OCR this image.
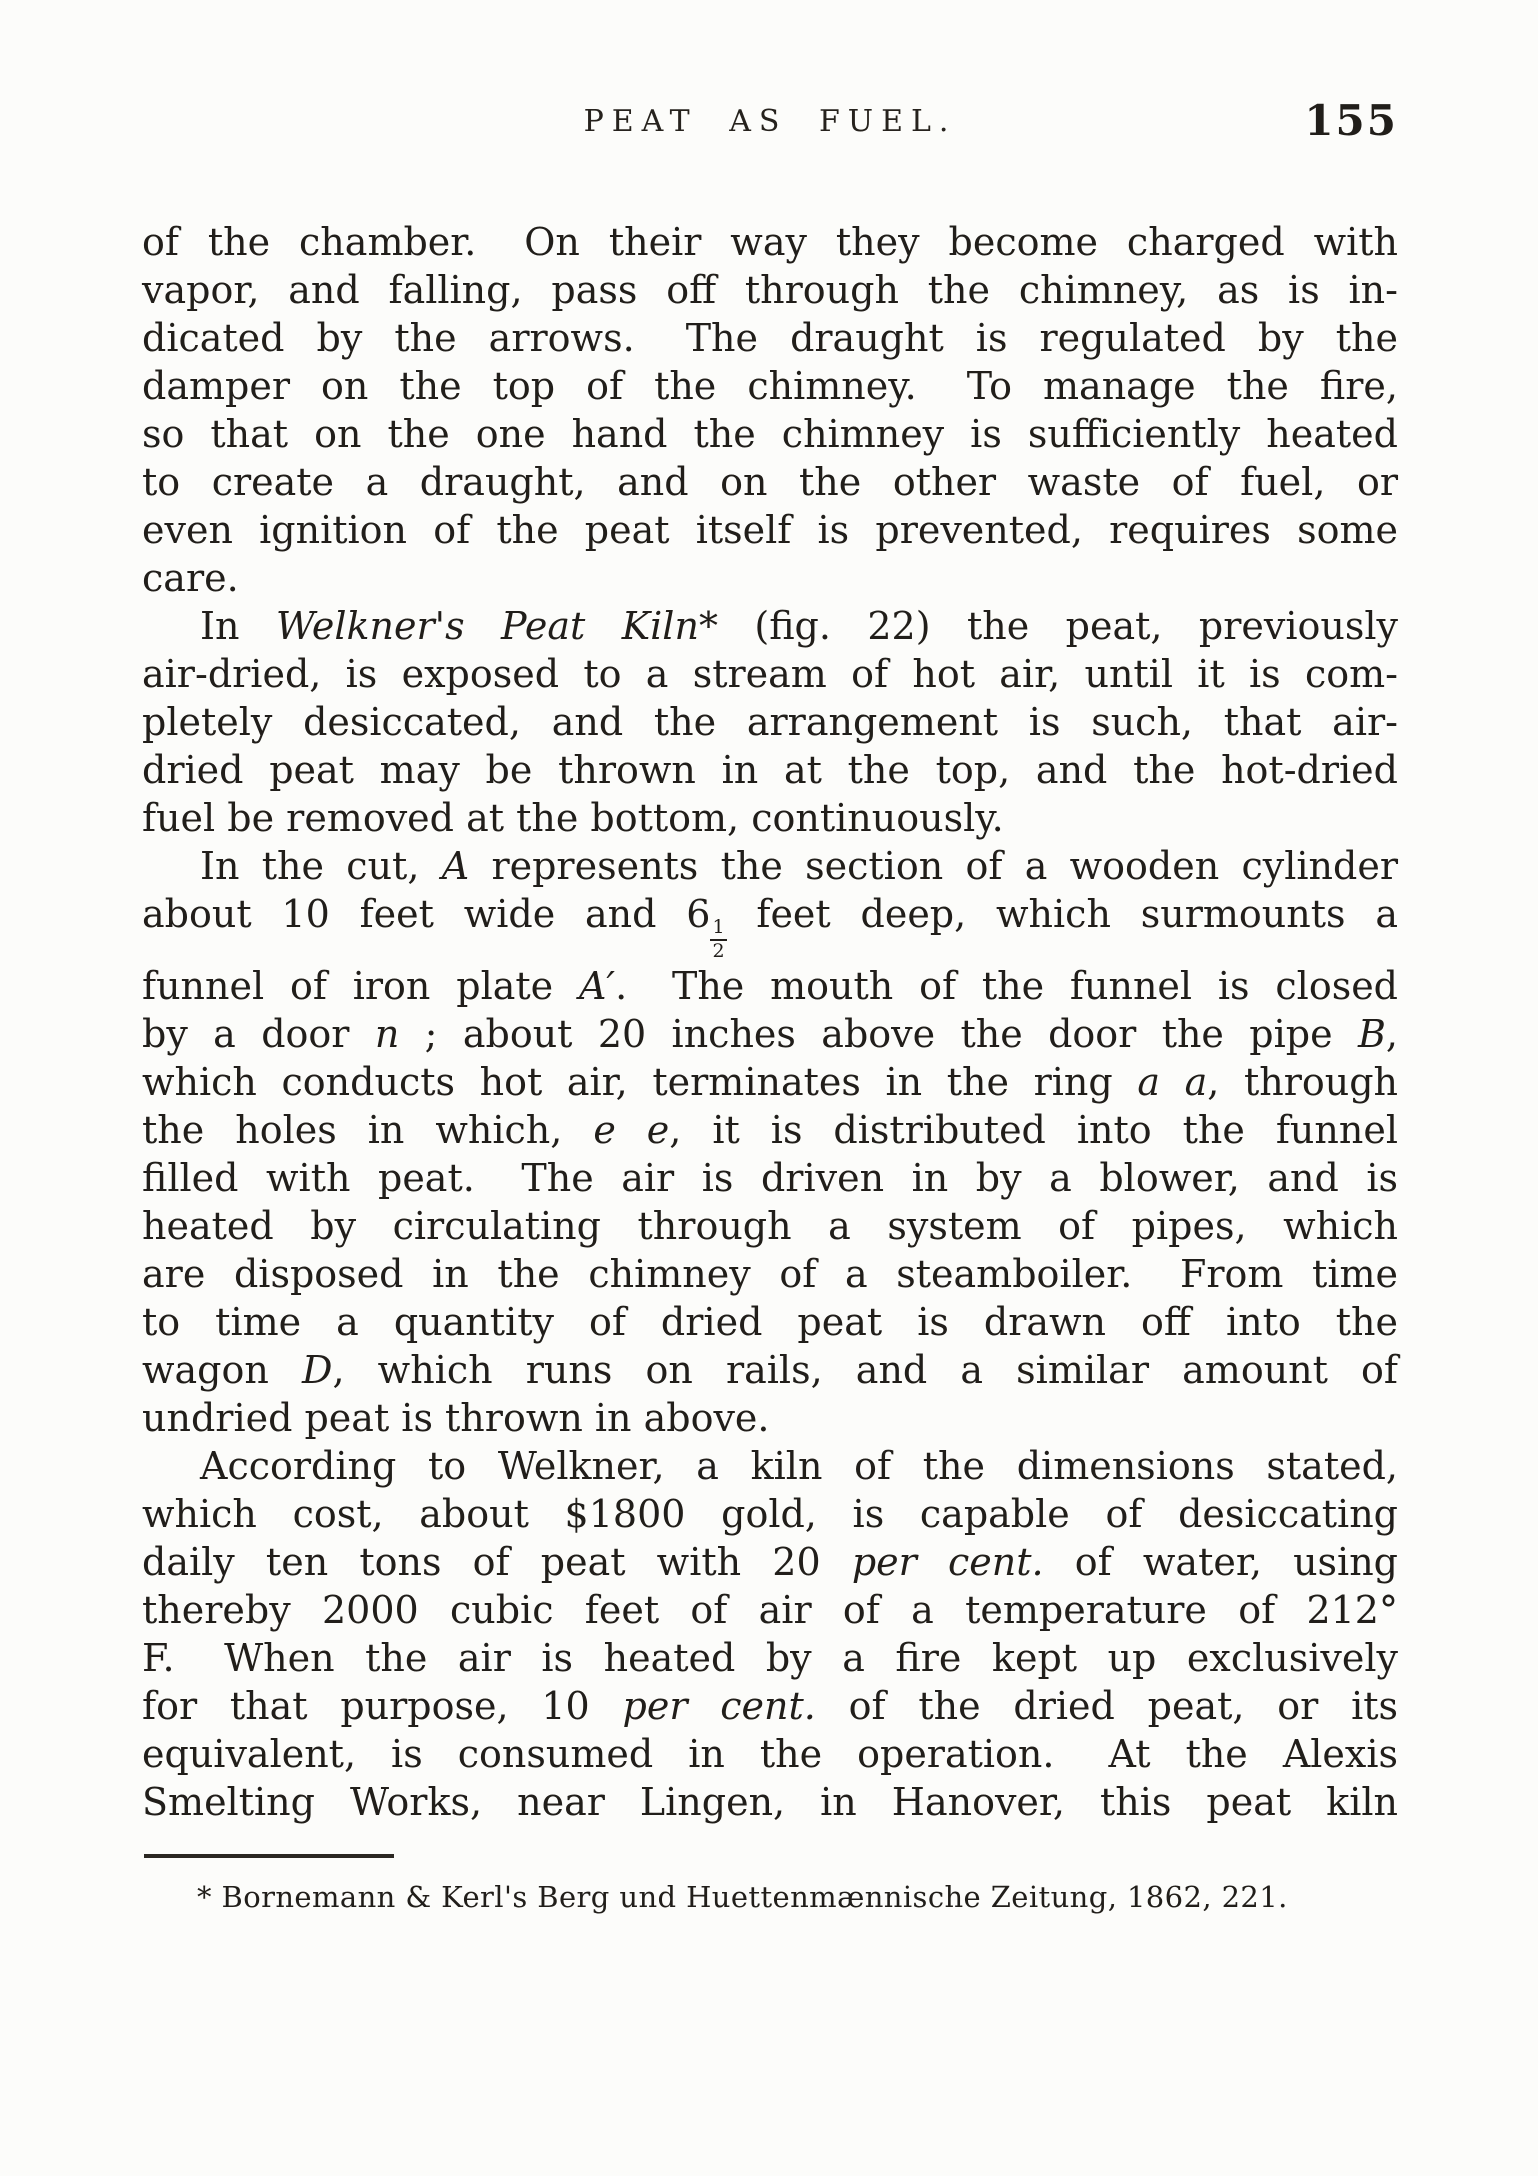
PEAT AS FUEL.	155
of the chamber.  On their way they become charged with
vapor, and falling, pass off through the chimney, as is in-
dicated by the arrows.  The draught is regulated by the
damper on the top of the chimney.  To manage the fire,
so that on the one hand the chimney is sufficiently heated
to create a draught, and on the other waste of fuel, or
even ignition of the peat itself is prevented, requires some
care.
In Welkner's Peat Kiln* (fig. 22) the peat, previously
air-dried, is exposed to a stream of hot air, until it is com-
pletely desiccated, and the arrangement is such, that air-
dried peat may be thrown in at the top, and the hot-dried
fuel be removed at the bottom, continuously.
In the cut, A represents the section of a wooden cylinder
about 10 feet wide and 6
$\frac{1}{2}$
feet deep, which surmounts a
funnel of iron plate A′.  The mouth of the funnel is closed
by a door n ; about 20 inches above the door the pipe B,
which conducts hot air, terminates in the ring a a, through
the holes in which, e e, it is distributed into the funnel
filled with peat.  The air is driven in by a blower, and is
heated by circulating through a system of pipes, which
are disposed in the chimney of a steamboiler.  From time
to time a quantity of dried peat is drawn off into the
wagon D, which runs on rails, and a similar amount of
undried peat is thrown in above.
According to Welkner, a kiln of the dimensions stated,
which cost, about $1800 gold, is capable of desiccating
daily ten tons of peat with 20 per cent. of water, using
thereby 2000 cubic feet of air of a temperature of 212°
F.  When the air is heated by a fire kept up exclusively
for that purpose, 10 per cent. of the dried peat, or its
equivalent, is consumed in the operation.  At the Alexis
Smelting Works, near Lingen, in Hanover, this peat kiln
* Bornemann & Kerl's Berg und Huettenmænnische Zeitung, 1862, 221.
